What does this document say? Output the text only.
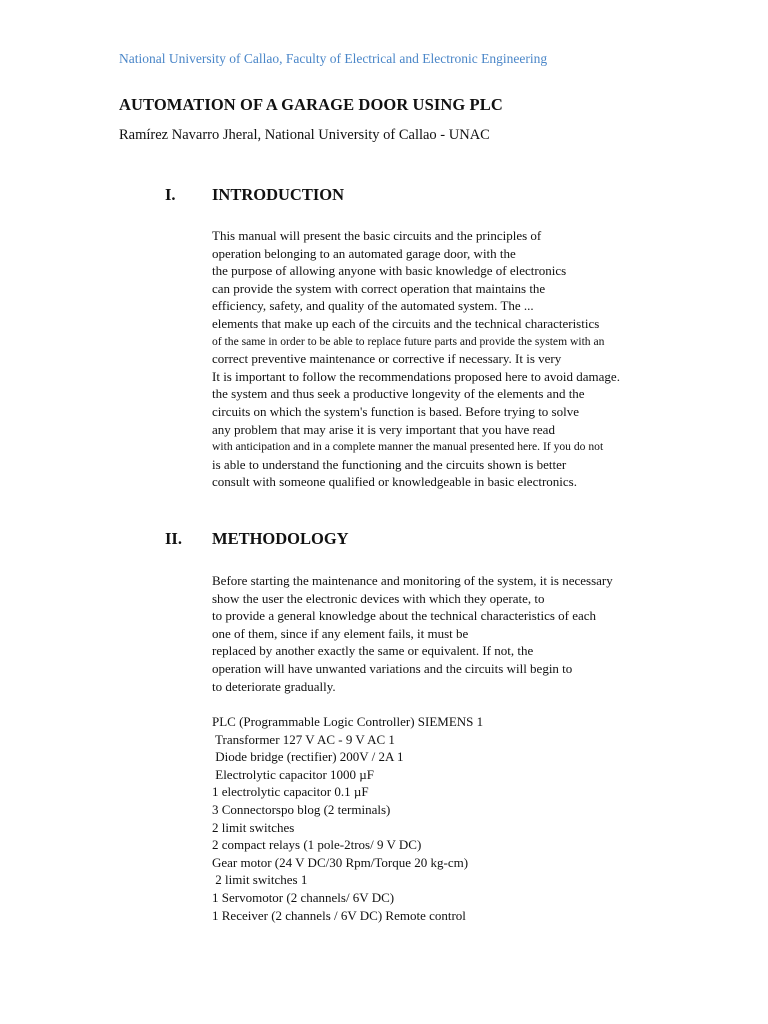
National University of Callao, Faculty of Electrical and Electronic Engineering
AUTOMATION OF A GARAGE DOOR USING PLC
Ramírez Navarro Jheral, National University of Callao - UNAC
I. INTRODUCTION
This manual will present the basic circuits and the principles of
operation belonging to an automated garage door, with the
the purpose of allowing anyone with basic knowledge of electronics
can provide the system with correct operation that maintains the
efficiency, safety, and quality of the automated system. The ...
elements that make up each of the circuits and the technical characteristics
of the same in order to be able to replace future parts and provide the system with an
correct preventive maintenance or corrective if necessary. It is very
It is important to follow the recommendations proposed here to avoid damage.
the system and thus seek a productive longevity of the elements and the
circuits on which the system's function is based. Before trying to solve
any problem that may arise it is very important that you have read
with anticipation and in a complete manner the manual presented here. If you do not
is able to understand the functioning and the circuits shown is better
consult with someone qualified or knowledgeable in basic electronics.
II. METHODOLOGY
Before starting the maintenance and monitoring of the system, it is necessary
show the user the electronic devices with which they operate, to
to provide a general knowledge about the technical characteristics of each
one of them, since if any element fails, it must be
replaced by another exactly the same or equivalent. If not, the
operation will have unwanted variations and the circuits will begin to
to deteriorate gradually.
PLC (Programmable Logic Controller) SIEMENS 1
Transformer 127 V AC - 9 V AC 1
Diode bridge (rectifier) 200V / 2A 1
Electrolytic capacitor 1000 µF
1 electrolytic capacitor 0.1 µF
3 Connectorspo blog (2 terminals)
2 limit switches
2 compact relays (1 pole-2tros/ 9 V DC)
Gear motor (24 V DC/30 Rpm/Torque 20 kg-cm)
2 limit switches 1
1 Servomotor (2 channels/ 6V DC)
1 Receiver (2 channels / 6V DC) Remote control
